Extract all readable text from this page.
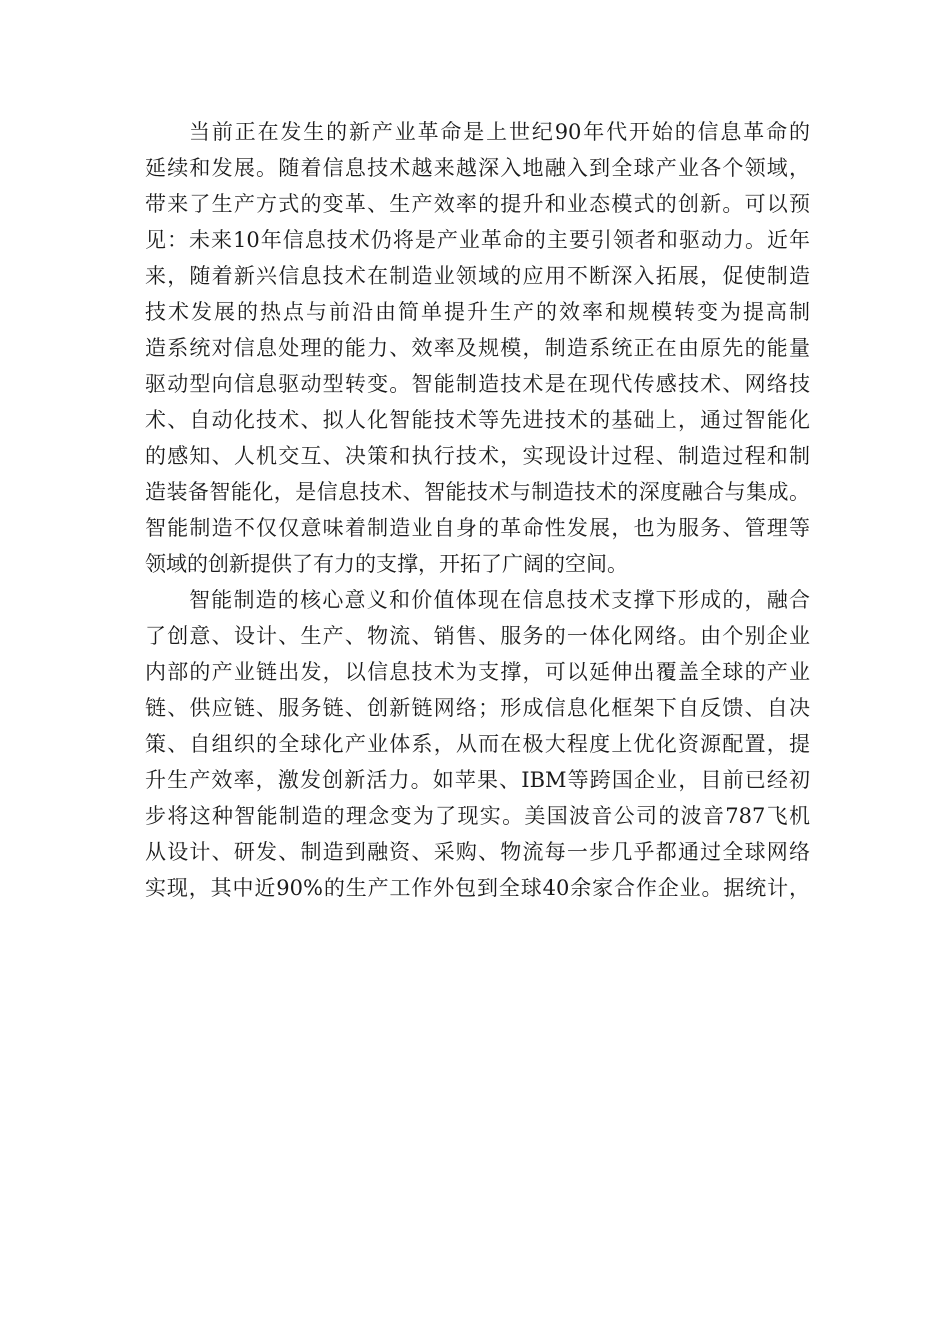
当前正在发生的新产业革命是上世纪90年代开始的信息革命的
延续和发展。随着信息技术越来越深入地融入到全球产业各个领域，
带来了生产方式的变革、生产效率的提升和业态模式的创新。可以预
见：未来10年信息技术仍将是产业革命的主要引领者和驱动力。近年
来，随着新兴信息技术在制造业领域的应用不断深入拓展，促使制造
技术发展的热点与前沿由简单提升生产的效率和规模转变为提高制
造系统对信息处理的能力、效率及规模，制造系统正在由原先的能量
驱动型向信息驱动型转变。智能制造技术是在现代传感技术、网络技
术、自动化技术、拟人化智能技术等先进技术的基础上，通过智能化
的感知、人机交互、决策和执行技术，实现设计过程、制造过程和制
造装备智能化，是信息技术、智能技术与制造技术的深度融合与集成。
智能制造不仅仅意味着制造业自身的革命性发展，也为服务、管理等
领域的创新提供了有力的支撑，开拓了广阔的空间。
智能制造的核心意义和价值体现在信息技术支撑下形成的，融合
了创意、设计、生产、物流、销售、服务的一体化网络。由个别企业
内部的产业链出发，以信息技术为支撑，可以延伸出覆盖全球的产业
链、供应链、服务链、创新链网络；形成信息化框架下自反馈、自决
策、自组织的全球化产业体系，从而在极大程度上优化资源配置，提
升生产效率，激发创新活力。如苹果、IBM等跨国企业，目前已经初
步将这种智能制造的理念变为了现实。美国波音公司的波音787飞机
从设计、研发、制造到融资、采购、物流每一步几乎都通过全球网络
实现，其中近90%的生产工作外包到全球40余家合作企业。据统计，
